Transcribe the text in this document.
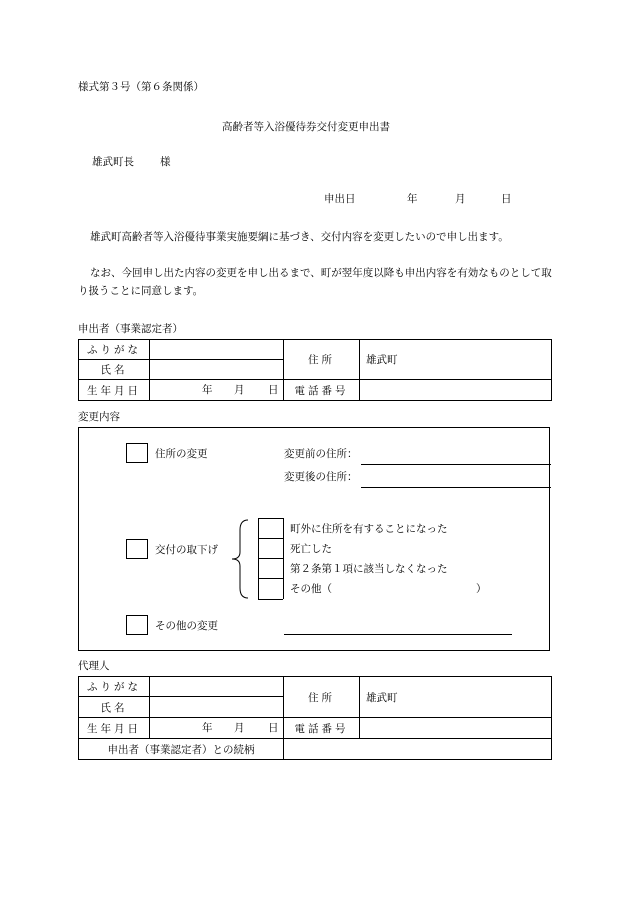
様式第３号（第６条関係）
高齢者等入浴優待券交付変更申出書
雄武町長 様
申出日	年	月	日
雄武町高齢者等入浴優待事業実施要綱に基づき、交付内容を変更したいので申し出ます。
なお、今回申し出た内容の変更を申し出るまで、町が翌年度以降も申出内容を有効なものとして取り扱うことに同意します。
申出者（事業認定者）
ふりがな		住所	雄武町
氏名			
生年月日	年 月 日	電話番号	
変更内容
住所の変更	変更前の住所：
変更後の住所：
交付の取下げ
町外に住所を有することになった
死亡した
第２条第１項に該当しなくなった
その他（	）
その他の変更
代理人
ふりがな		住所	雄武町
氏名			
生年月日	年 月 日	電話番号	
申出者（事業認定者）との続柄			
